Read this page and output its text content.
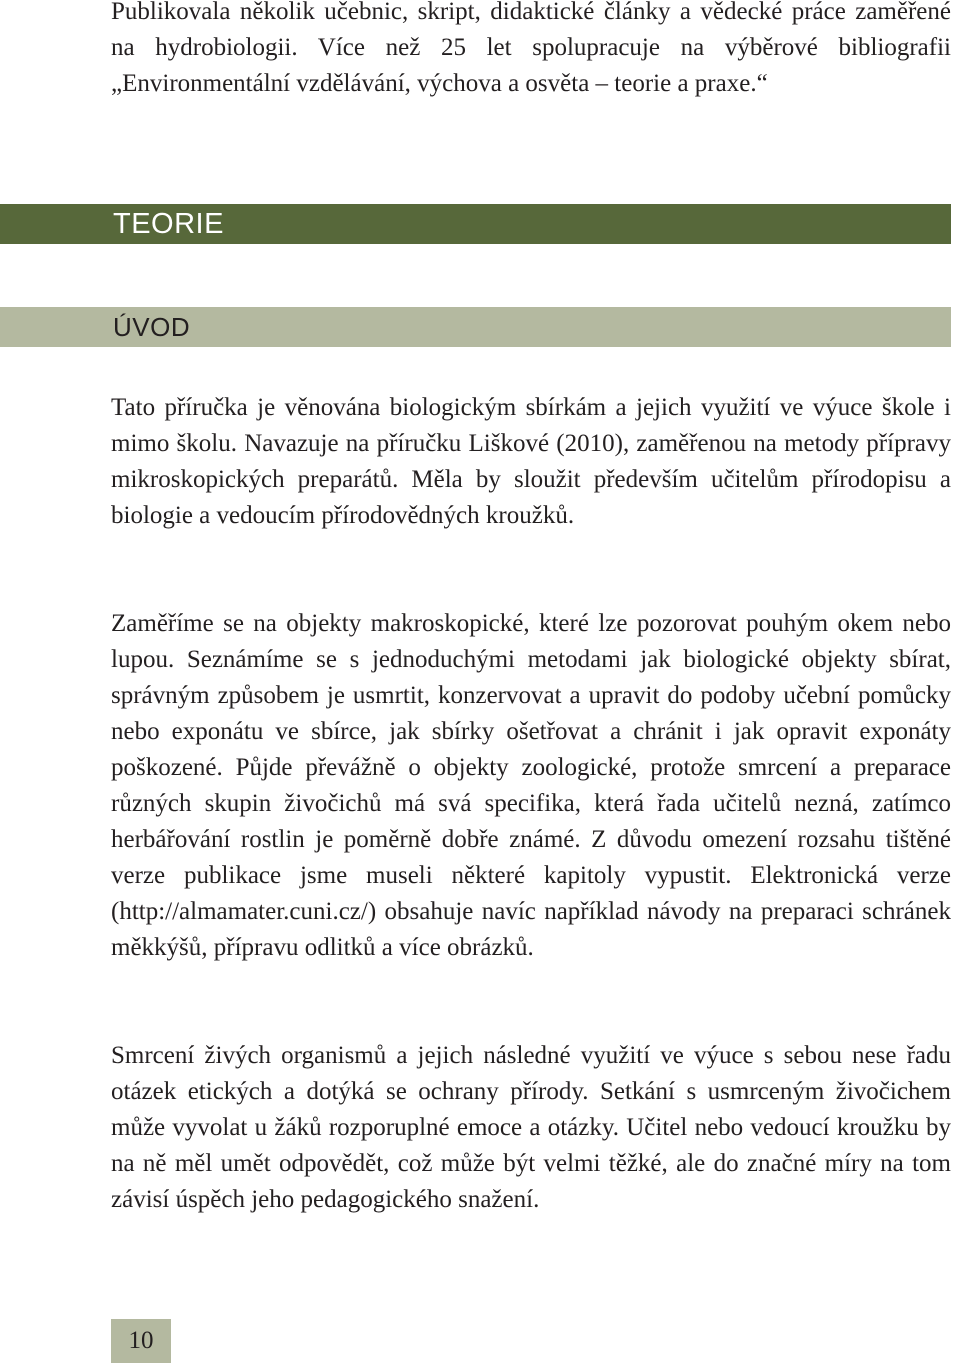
Publikovala několik učebnic, skript, didaktické články a vědecké práce zaměřené na hydrobiologii. Více než 25 let spolupracuje na výběrové bibliografii „Environmentální vzdělávání, výchova a osvěta – teorie a praxe.“

TEORIE
ÚVOD

Tato příručka je věnována biologickým sbírkám a jejich využití ve výuce škole i mimo školu. Navazuje na příručku Liškové (2010), zaměřenou na metody přípravy mikroskopických preparátů. Měla by sloužit především učitelům přírodopisu a biologie a vedoucím přírodovědných kroužků.

Zaměříme se na objekty makroskopické, které lze pozorovat pouhým okem nebo lupou. Seznámíme se s jednoduchými metodami jak biologické objekty sbírat, správným způsobem je usmrtit, konzervovat a upravit do podoby učební pomůcky nebo exponátu ve sbírce, jak sbírky ošetřovat a chránit i jak opravit exponáty poškozené. Půjde převážně o objekty zoologické, protože smrcení a preparace různých skupin živočichů má svá specifika, která řada učitelů nezná, zatímco herbářování rostlin je poměrně dobře známé. Z důvodu omezení rozsahu tištěné verze publikace jsme museli některé kapitoly vypustit. Elektronická verze (http://almamater.cuni.cz/) obsahuje navíc například návody na preparaci schránek měkkýšů, přípravu odlitků a více obrázků.

Smrcení živých organismů a jejich následné využití ve výuce s sebou nese řadu otázek etických a dotýká se ochrany přírody. Setkání s usmrceným živočichem může vyvolat u žáků rozporuplné emoce a otázky. Učitel nebo vedoucí kroužku by na ně měl umět odpovědět, což může být velmi těžké, ale do značné míry na tom závisí úspěch jeho pedagogického snažení.

10
